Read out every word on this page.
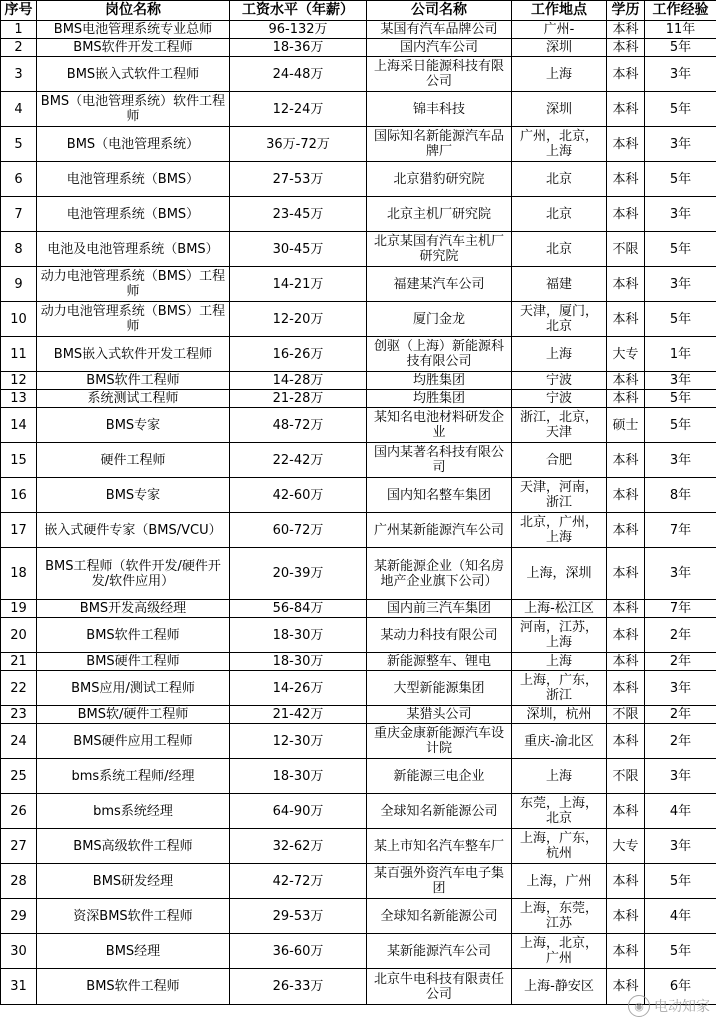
序号	岗位名称	工资水平（年薪）	公司名称	工作地点	学历	工作经验
1	BMS电池管理系统专业总师	96-132万	某国有汽车品牌公司	广州-	本科	11年
2	BMS软件开发工程师	18-36万	国内汽车公司	深圳	本科	5年
3	BMS嵌入式软件工程师	24-48万	上海采日能源科技有限公司	上海	本科	3年
4	BMS（电池管理系统）软件工程师	12-24万	锦丰科技	深圳	本科	5年
5	BMS（电池管理系统）	36万-72万	国际知名新能源汽车品牌厂	广州，北京，上海	本科	3年
6	电池管理系统（BMS）	27-53万	北京猎豹研究院	北京	本科	5年
7	电池管理系统（BMS）	23-45万	北京主机厂研究院	北京	本科	3年
8	电池及电池管理系统（BMS）	30-45万	北京某国有汽车主机厂研究院	北京	不限	5年
9	动力电池管理系统（BMS）工程师	14-21万	福建某汽车公司	福建	本科	3年
10	动力电池管理系统（BMS）工程师	12-20万	厦门金龙	天津，厦门，北京	本科	5年
11	BMS嵌入式软件开发工程师	16-26万	创驱（上海）新能源科技有限公司	上海	大专	1年
12	BMS软件工程师	14-28万	均胜集团	宁波	本科	3年
13	系统测试工程师	21-28万	均胜集团	宁波	本科	5年
14	BMS专家	48-72万	某知名电池材料研发企业	浙江，北京，天津	硕士	5年
15	硬件工程师	22-42万	国内某著名科技有限公司	合肥	本科	3年
16	BMS专家	42-60万	国内知名整车集团	天津，河南，浙江	本科	8年
17	嵌入式硬件专家（BMS/VCU）	60-72万	广州某新能源汽车公司	北京，广州，上海	本科	7年
18	BMS工程师（软件开发/硬件开发/软件应用）	20-39万	某新能源企业（知名房地产企业旗下公司）	上海，深圳	本科	3年
19	BMS开发高级经理	56-84万	国内前三汽车集团	上海-松江区	本科	7年
20	BMS软件工程师	18-30万	某动力科技有限公司	河南，江苏，上海	本科	2年
21	BMS硬件工程师	18-30万	新能源整车、锂电	上海	本科	2年
22	BMS应用/测试工程师	14-26万	大型新能源集团	上海，广东，浙江	本科	3年
23	BMS软/硬件工程师	21-42万	某猎头公司	深圳，杭州	不限	2年
24	BMS硬件应用工程师	12-30万	重庆金康新能源汽车设计院	重庆-渝北区	本科	2年
25	bms系统工程师/经理	18-30万	新能源三电企业	上海	不限	3年
26	bms系统经理	64-90万	全球知名新能源公司	东莞，上海，北京	本科	4年
27	BMS高级软件工程师	32-62万	某上市知名汽车整车厂	上海，广东，杭州	大专	3年
28	BMS研发经理	42-72万	某百强外资汽车电子集团	上海，广州	本科	5年
29	资深BMS软件工程师	29-53万	全球知名新能源公司	上海，东莞，江苏	本科	4年
30	BMS经理	36-60万	某新能源汽车公司	上海，北京，广州	本科	5年
31	BMS软件工程师	26-33万	北京牛电科技有限责任公司	上海-静安区	本科	6年
◉ 电动知家
